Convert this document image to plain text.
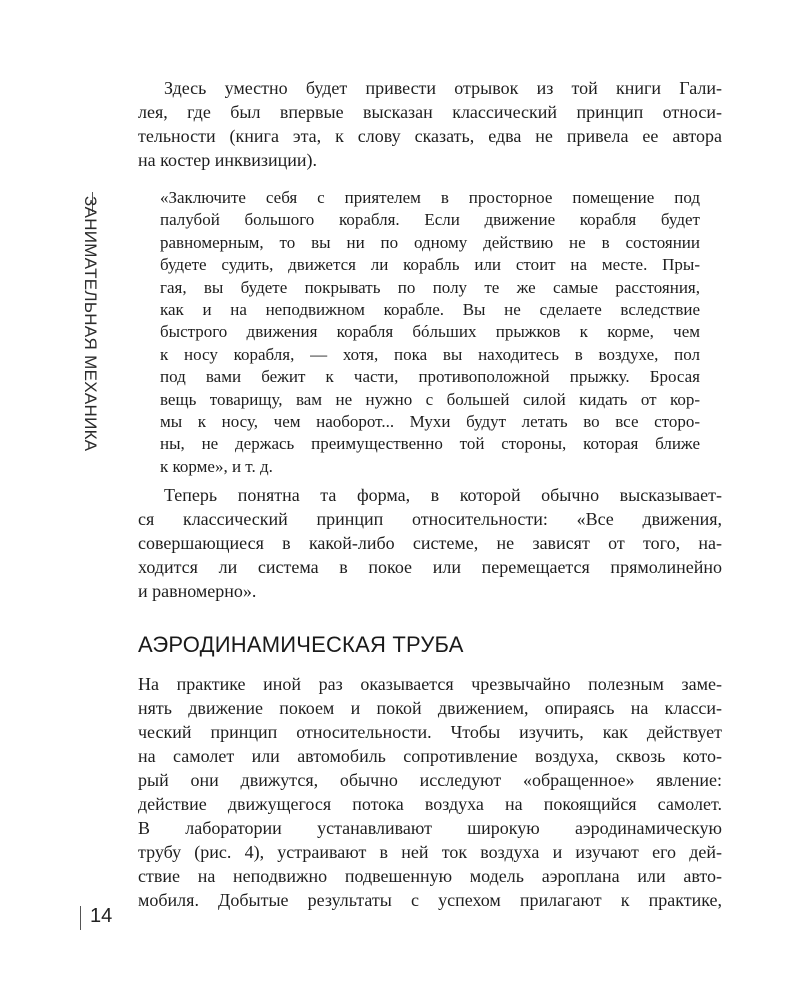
ЗАНИМАТЕЛЬНАЯ МЕХАНИКА
Здесь уместно будет привести отрывок из той книги Гали-
лея, где был впервые высказан классический принцип относи-
тельности (книга эта, к слову сказать, едва не привела ее автора
на костер инквизиции).
«Заключите себя с приятелем в просторное помещение под
палубой большого корабля. Если движение корабля будет
равномерным, то вы ни по одному действию не в состоянии
будете судить, движется ли корабль или стоит на месте. Пры-
гая, вы будете покрывать по полу те же самые расстояния,
как и на неподвижном корабле. Вы не сделаете вследствие
быстрого движения корабля бóльших прыжков к корме, чем
к носу корабля, — хотя, пока вы находитесь в воздухе, пол
под вами бежит к части, противоположной прыжку. Бросая
вещь товарищу, вам не нужно с большей силой кидать от кор-
мы к носу, чем наоборот... Мухи будут летать во все сторо-
ны, не держась преимущественно той стороны, которая ближе
к корме», и т. д.
Теперь понятна та форма, в которой обычно высказывает-
ся классический принцип относительности: «Все движения,
совершающиеся в какой-либо системе, не зависят от того, на-
ходится ли система в покое или перемещается прямолинейно
и равномерно».
АЭРОДИНАМИЧЕСКАЯ ТРУБА
На практике иной раз оказывается чрезвычайно полезным заме-
нять движение покоем и покой движением, опираясь на класси-
ческий принцип относительности. Чтобы изучить, как действует
на самолет или автомобиль сопротивление воздуха, сквозь кото-
рый они движутся, обычно исследуют «обращенное» явление:
действие движущегося потока воздуха на покоящийся самолет.
В лаборатории устанавливают широкую аэродинамическую
трубу (рис. 4), устраивают в ней ток воздуха и изучают его дей-
ствие на неподвижно подвешенную модель аэроплана или авто-
мобиля. Добытые результаты с успехом прилагают к практике,
14
